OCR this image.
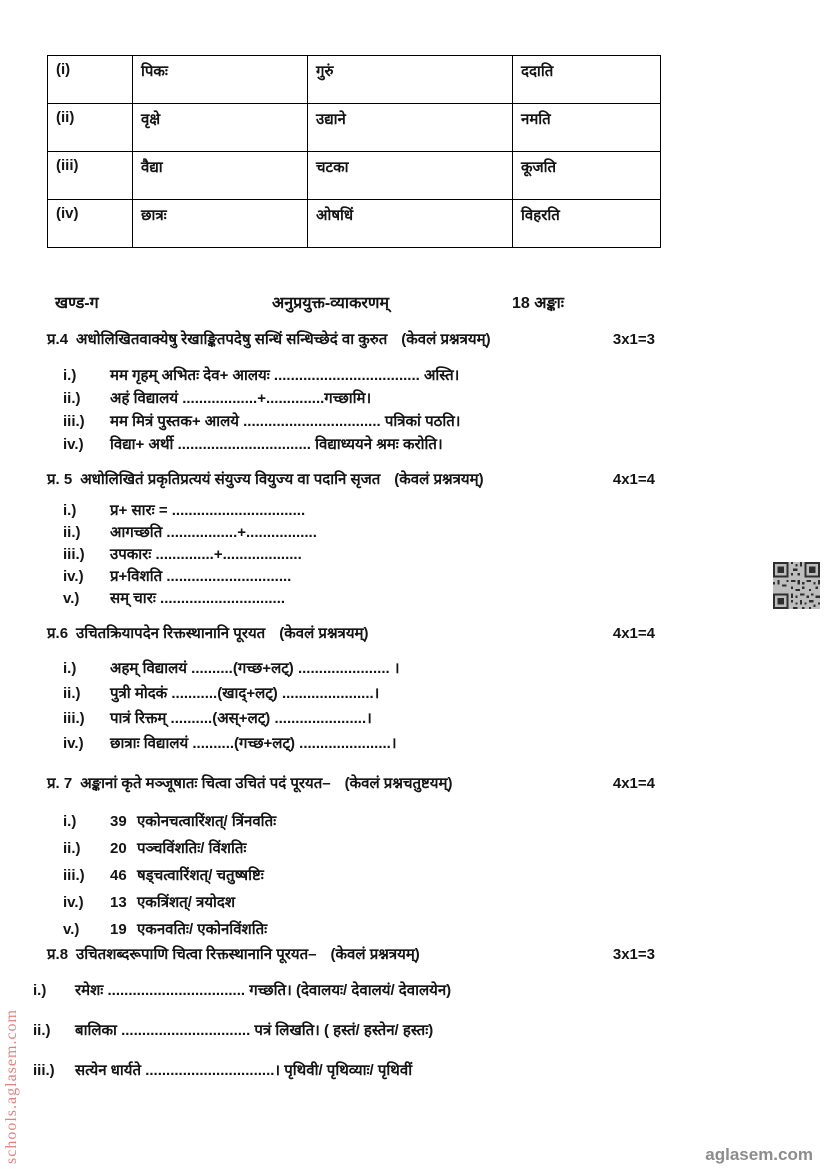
(i)	पिकः	गुरुं	ददाति
(ii)	वृक्षे	उद्याने	नमति
(iii)	वैद्या	चटका	कूजति
(iv)	छात्रः	ओषधिं	विहरति
खण्ड-ग	अनुप्रयुक्त-व्याकरणम्	18 अङ्काः
प्र.4 अधोलिखितवाक्येषु रेखाङ्कितपदेषु सन्धिं सन्धिच्छेदं वा कुरुत (केवलं प्रश्नत्रयम्)	3x1=3
i.)	मम गृहम् अभितः देव+ आलयः ................................... अस्ति।
ii.)	अहं विद्यालयं ..................+..............गच्छामि।
iii.)	मम मित्रं पुस्तक+ आलये ................................. पत्रिकां पठति।
iv.)	विद्या+ अर्थी ................................ विद्याध्ययने श्रमः करोति।
प्र. 5 अधोलिखितं प्रकृतिप्रत्ययं संयुज्य वियुज्य वा पदानि सृजत (केवलं प्रश्नत्रयम्)	4x1=4
i.)	प्र+ सारः = ................................
ii.)	आगच्छति .................+.................
iii.)	उपकारः ..............+...................
iv.)	प्र+विशति ..............................
v.)	सम् चारः ..............................
प्र.6 उचितक्रियापदेन रिक्तस्थानानि पूरयत (केवलं प्रश्नत्रयम्)	4x1=4
i.)	अहम् विद्यालयं ..........(गच्छ+लट्) ...................... ।
ii.)	पुत्री मोदकं ...........(खाद्+लट्) ......................।
iii.)	पात्रं रिक्तम् ..........(अस्+लट्) ......................।
iv.)	छात्राः विद्यालयं ..........(गच्छ+लट्) ......................।
प्र. 7 अङ्कानां कृते मञ्जूषातः चित्वा उचितं पदं पूरयत– (केवलं प्रश्नचतुष्टयम्)	4x1=4
i.)	39 एकोनचत्वारिंशत्/ त्रिंनवतिः
ii.)	20 पञ्चविंशतिः/ विंशतिः
iii.)	46 षड्चत्वारिंशत्/ चतुष्षष्टिः
iv.)	13 एकत्रिंशत्/ त्रयोदश
v.)	19 एकनवतिः/ एकोनविंशतिः
प्र.8 उचितशब्दरूपाणि चित्वा रिक्तस्थानानि पूरयत– (केवलं प्रश्नत्रयम्)	3x1=3
i.)	रमेशः ................................. गच्छति। (देवालयः/ देवालयं/ देवालयेन)
ii.)	बालिका ............................... पत्रं लिखति। ( हस्तं/ हस्तेन/ हस्तः)
iii.)	सत्येन धार्यते ...............................। पृथिवी/ पृथिव्याः/ पृथिवीं
schools.aglasem.com	aglasem.com
